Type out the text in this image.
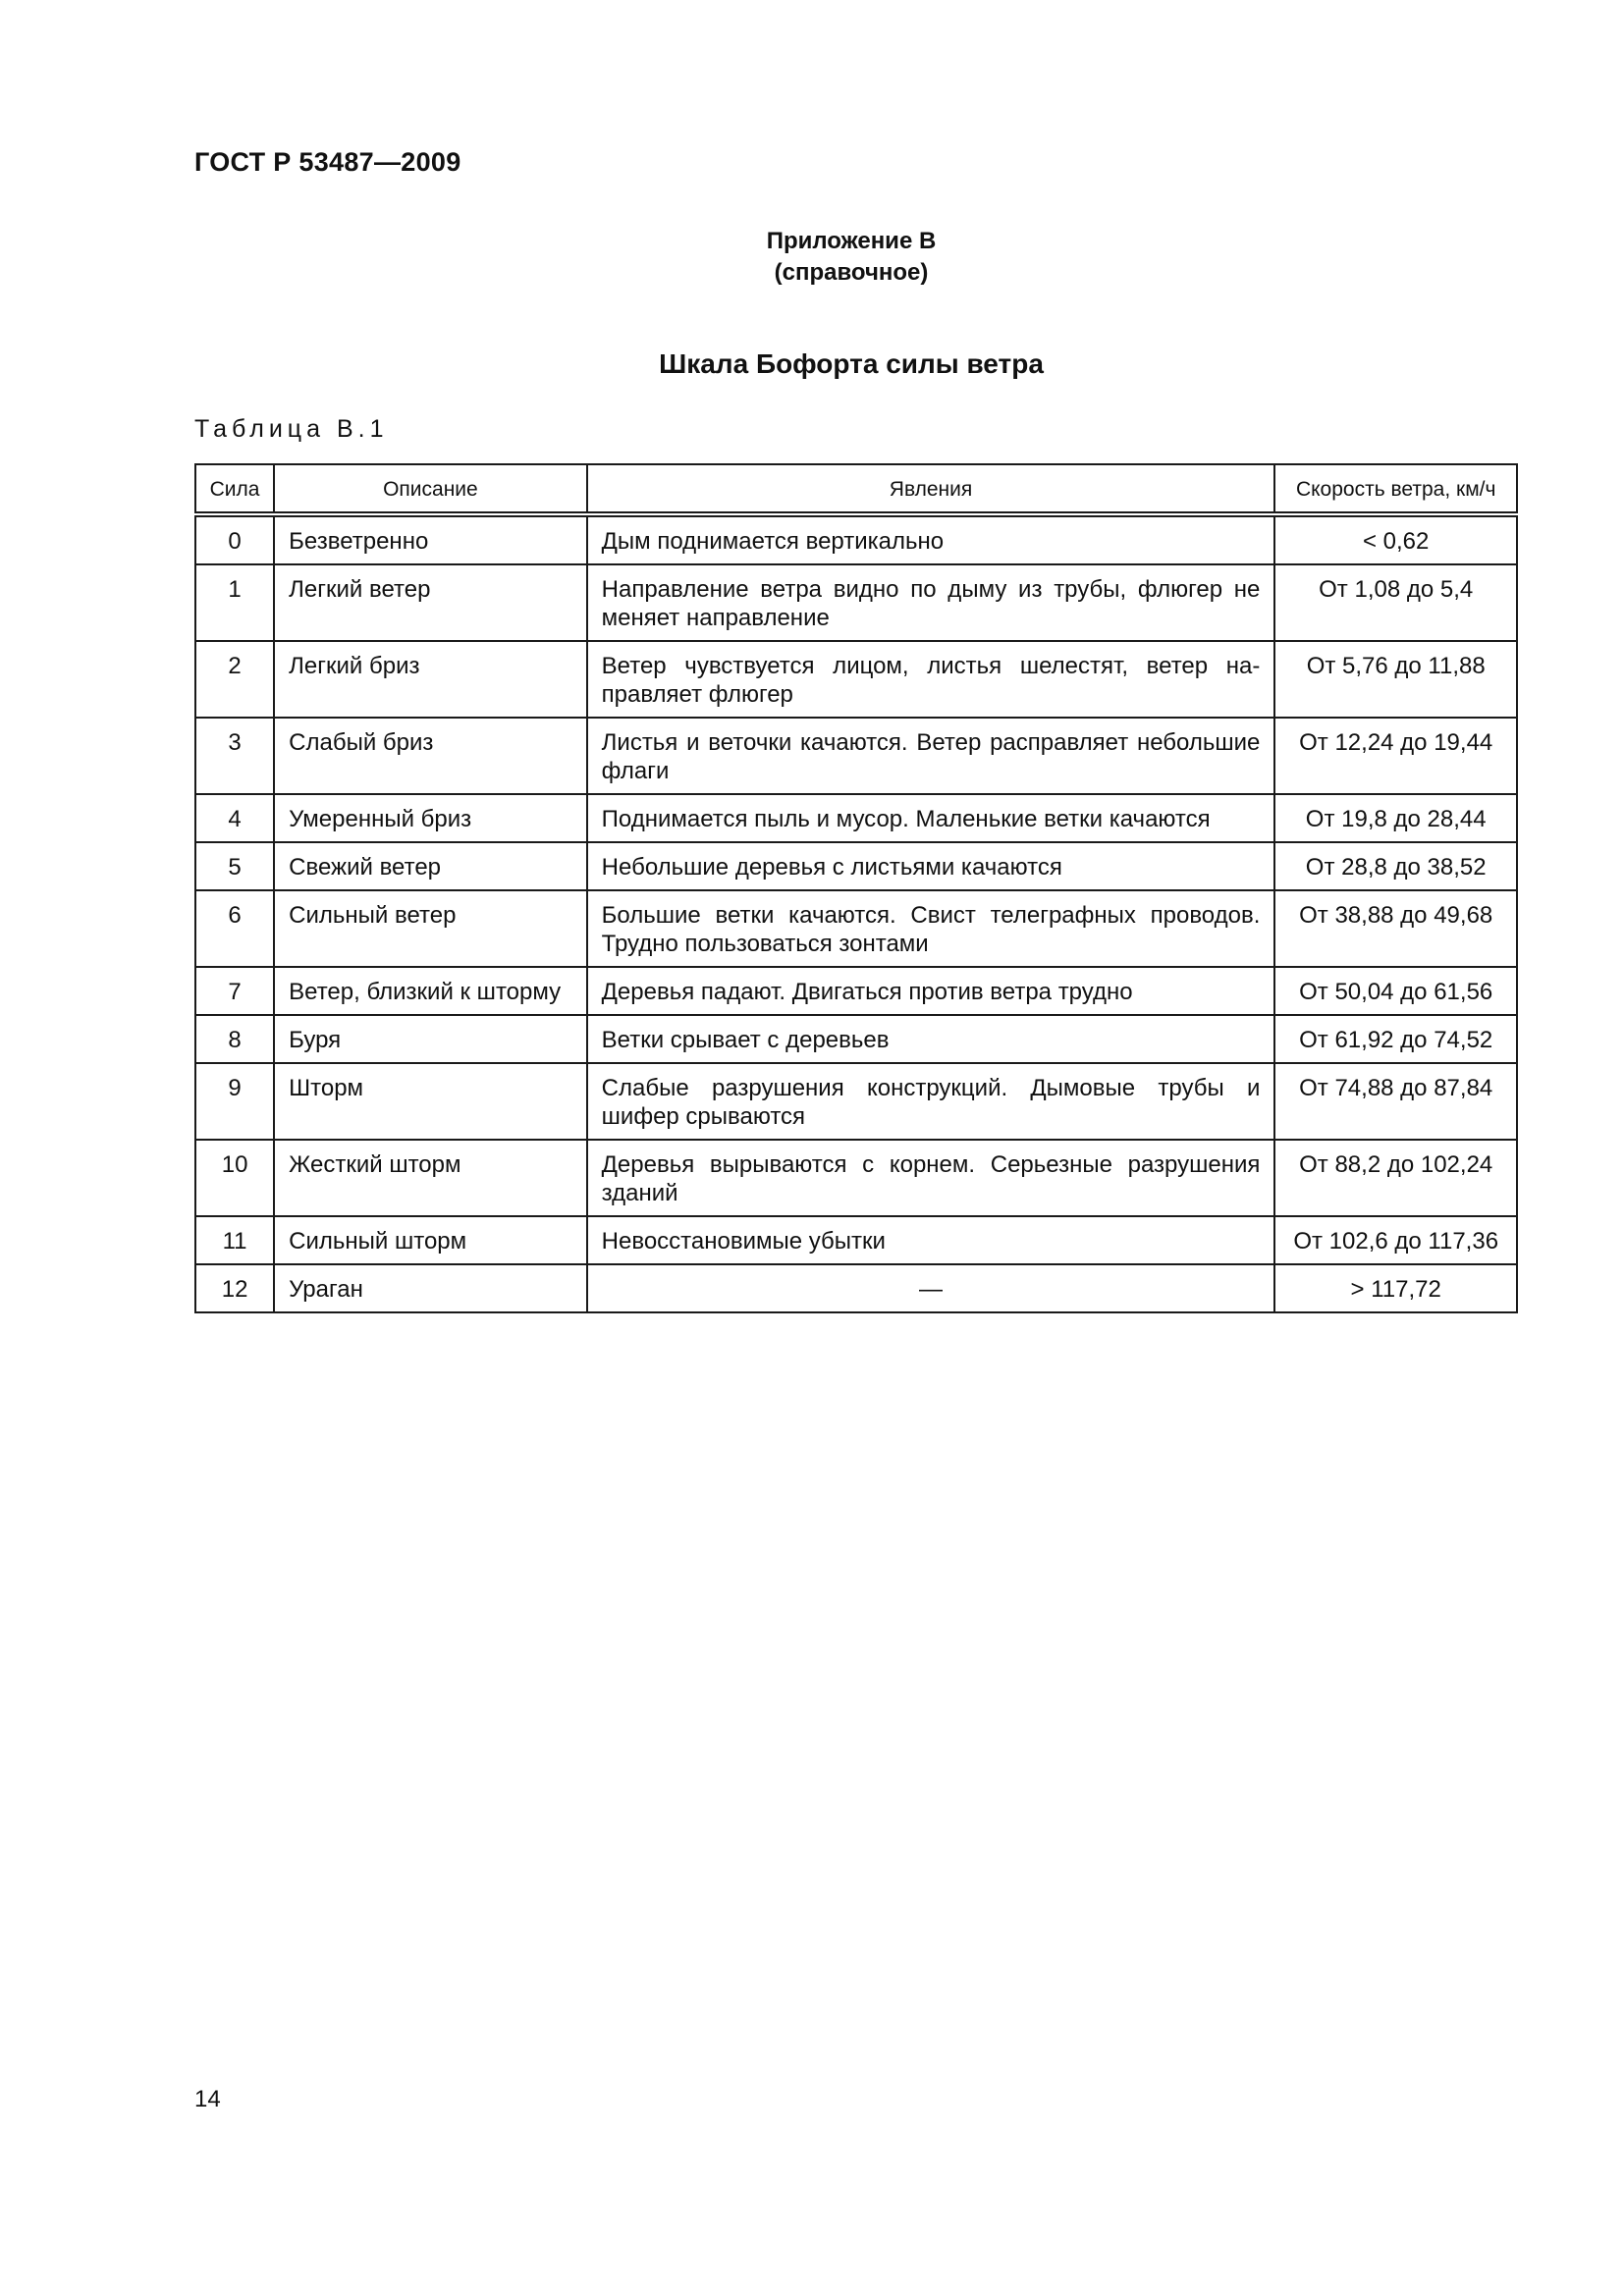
ГОСТ Р 53487—2009
Приложение В
(справочное)
Шкала Бофорта силы ветра
Таблица В.1
Сила	Описание	Явления	Скорость ветра, км/ч
0	Безветренно	Дым поднимается вертикально	< 0,62
1	Легкий ветер	Направление ветра видно по дыму из трубы, флюгер не меняет направление	От 1,08 до 5,4
2	Легкий бриз	Ветер чувствуется лицом, листья шелестят, ветер направляет флюгер	От 5,76 до 11,88
3	Слабый бриз	Листья и веточки качаются. Ветер расправляет небольшие флаги	От 12,24 до 19,44
4	Умеренный бриз	Поднимается пыль и мусор. Маленькие ветки качаются	От 19,8 до 28,44
5	Свежий ветер	Небольшие деревья с листьями качаются	От 28,8 до 38,52
6	Сильный ветер	Большие ветки качаются. Свист телеграфных проводов. Трудно пользоваться зонтами	От 38,88 до 49,68
7	Ветер, близкий к шторму	Деревья падают. Двигаться против ветра трудно	От 50,04 до 61,56
8	Буря	Ветки срывает с деревьев	От 61,92 до 74,52
9	Шторм	Слабые разрушения конструкций. Дымовые трубы и шифер срываются	От 74,88 до 87,84
10	Жесткий шторм	Деревья вырываются с корнем. Серьезные разрушения зданий	От 88,2 до 102,24
11	Сильный шторм	Невосстановимые убытки	От 102,6 до 117,36
12	Ураган	—	> 117,72
14
